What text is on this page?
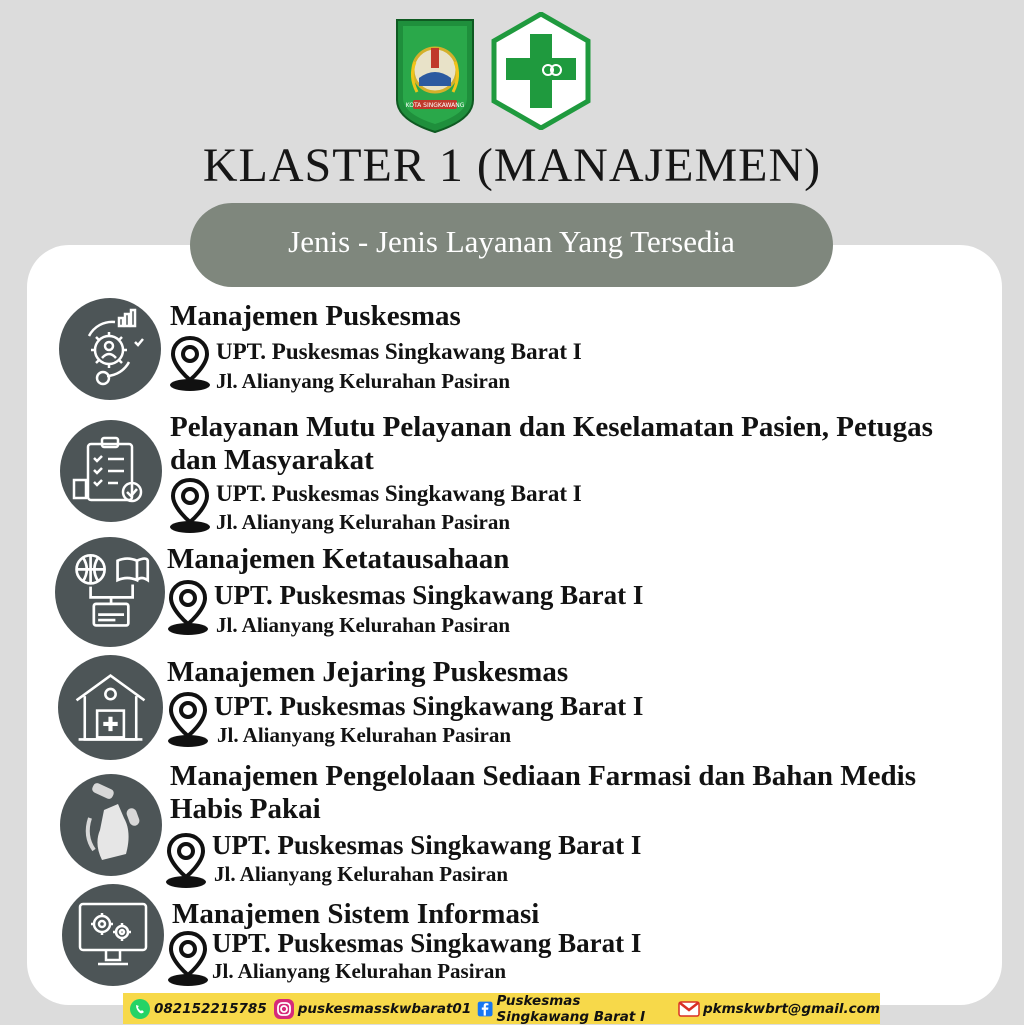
KOTA SINGKAWANG
KLASTER 1 (MANAJEMEN)
Jenis - Jenis Layanan Yang Tersedia
Manajemen Puskesmas
UPT. Puskesmas Singkawang Barat I
Jl. Alianyang Kelurahan Pasiran
Pelayanan Mutu Pelayanan dan Keselamatan Pasien, Petugas dan Masyarakat
UPT. Puskesmas Singkawang Barat I
Jl. Alianyang Kelurahan Pasiran
Manajemen Ketatausahaan
UPT. Puskesmas Singkawang Barat I
Jl. Alianyang Kelurahan Pasiran
Manajemen Jejaring Puskesmas
UPT. Puskesmas Singkawang Barat I
Jl. Alianyang Kelurahan Pasiran
Manajemen Pengelolaan Sediaan Farmasi dan Bahan Medis Habis Pakai
UPT. Puskesmas Singkawang Barat I
Jl. Alianyang Kelurahan Pasiran
Manajemen Sistem Informasi
UPT. Puskesmas Singkawang Barat I
Jl. Alianyang Kelurahan Pasiran
082152215785 puskesmasskwbarat01 Puskesmas Singkawang Barat I	pkmskwbrt@gmail.com
